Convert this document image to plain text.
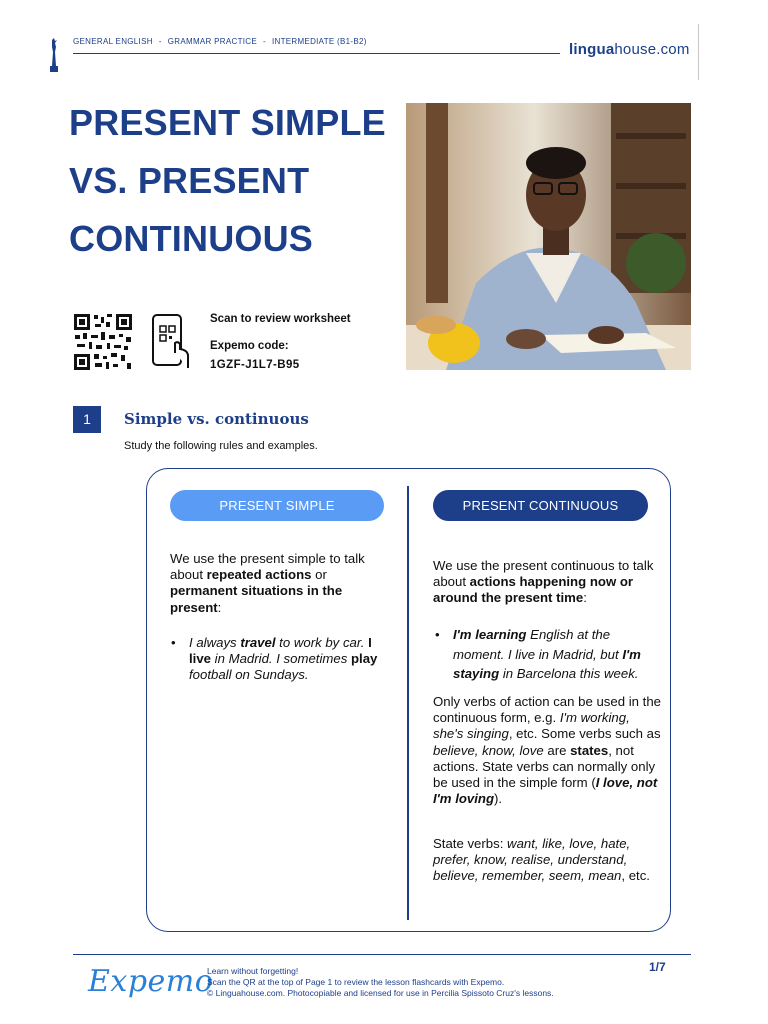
GENERAL ENGLISH - GRAMMAR PRACTICE - INTERMEDIATE (B1-B2)	linguahouse.com
PRESENT SIMPLE VS. PRESENT CONTINUOUS
Scan to review worksheet
Expemo code:
1GZF-J1L7-B95
1	Simple vs. continuous
Study the following rules and examples.
PRESENT SIMPLE	PRESENT CONTINUOUS
We use the present simple to talk about repeated actions or permanent situations in the present:
•	I always travel to work by car. I live in Madrid. I sometimes play football on Sundays.
We use the present continuous to talk about actions happening now or around the present time:
•	I'm learning English at the moment. I live in Madrid, but I'm staying in Barcelona this week.
Only verbs of action can be used in the continuous form, e.g. I'm working, she's singing, etc. Some verbs such as believe, know, love are states, not actions. State verbs can normally only be used in the simple form (I love, not I'm loving).
State verbs: want, like, love, hate, prefer, know, realise, understand, believe, remember, seem, mean, etc.
Expemo
Learn without forgetting!
Scan the QR at the top of Page 1 to review the lesson flashcards with Expemo.
© Linguahouse.com. Photocopiable and licensed for use in Percilia Spissoto Cruz's lessons.
1/7
